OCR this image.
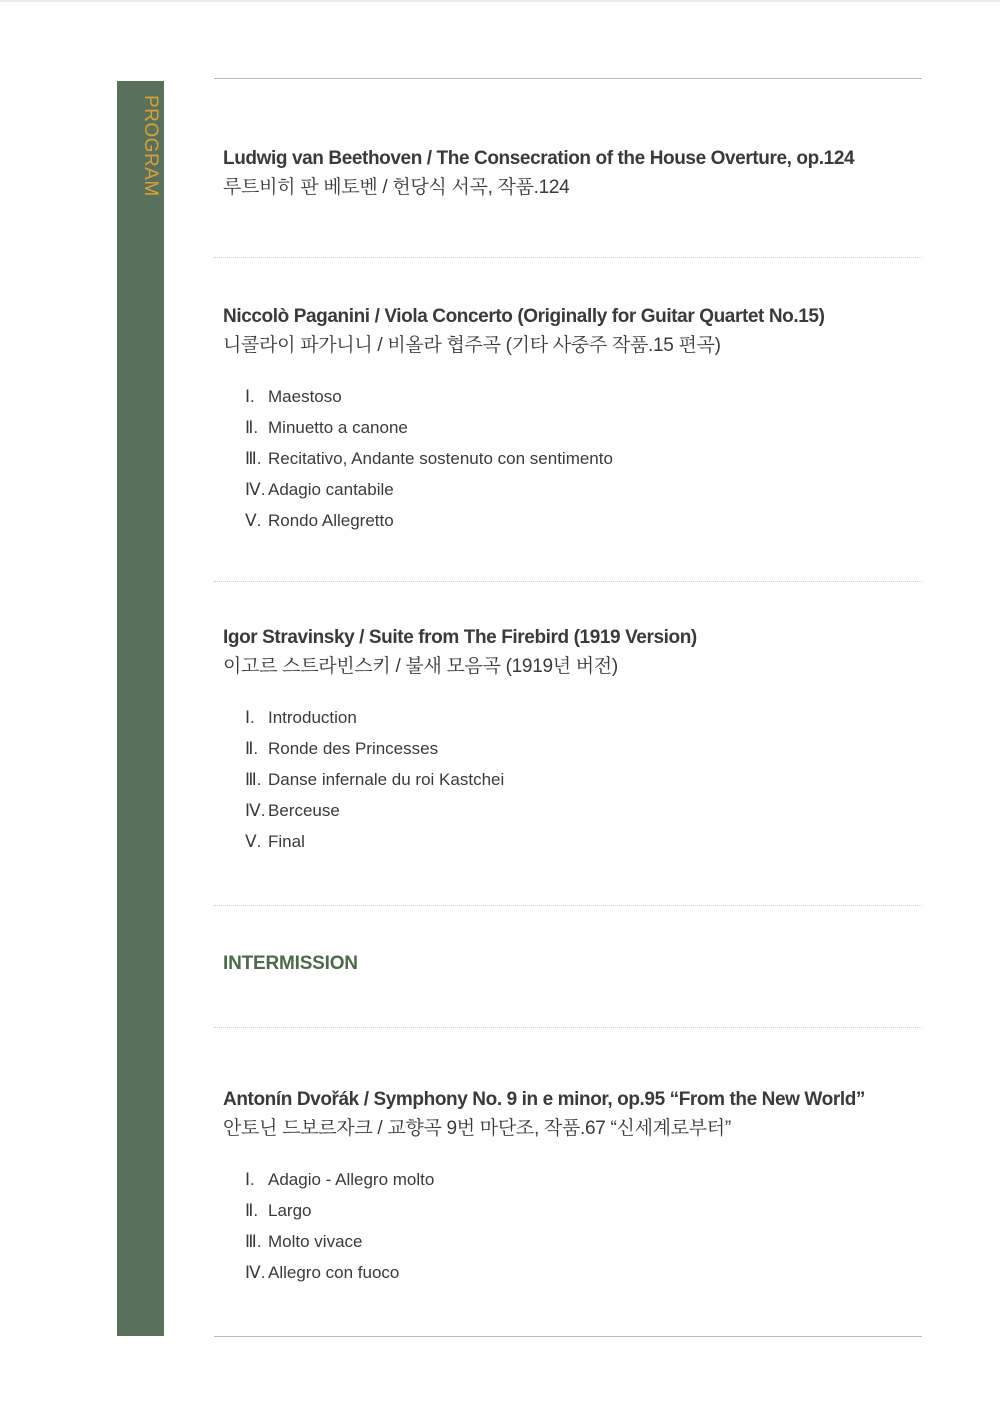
PROGRAM	Ludwig van Beethoven / The Consecration of the House Overture, op.124
루트비히 판 베토벤 / 헌당식 서곡, 작품.124
Niccolò Paganini / Viola Concerto (Originally for Guitar Quartet No.15)
니콜라이 파가니니 / 비올라 협주곡 (기타 사중주 작품.15 편곡)
Ⅰ. Maestoso
Ⅱ. Minuetto a canone
Ⅲ. Recitativo, Andante sostenuto con sentimento
Ⅳ. Adagio cantabile
Ⅴ. Rondo Allegretto
Igor Stravinsky / Suite from The Firebird (1919 Version)
이고르 스트라빈스키 / 불새 모음곡 (1919년 버전)
Ⅰ. Introduction
Ⅱ. Ronde des Princesses
Ⅲ. Danse infernale du roi Kastchei
Ⅳ. Berceuse
Ⅴ. Final
INTERMISSION
Antonín Dvořák / Symphony No. 9 in e minor, op.95 “From the New World”
안토닌 드보르자크 / 교향곡 9번 마단조, 작품.67 “신세계로부터”
Ⅰ. Adagio - Allegro molto
Ⅱ. Largo
Ⅲ. Molto vivace
Ⅳ. Allegro con fuoco
